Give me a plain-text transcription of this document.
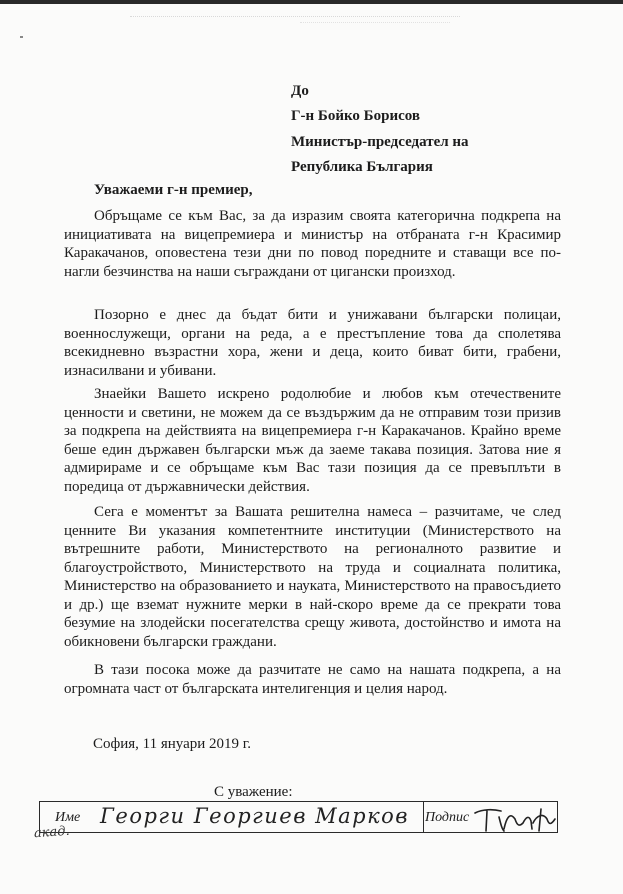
До
Г-н Бойко Борисов
Министър-председател на
Република България
Уважаеми г-н премиер,
Обръщаме се към Вас, за да изразим своята категорична подкрепа на инициативата на вицепремиера и министър на отбраната г-н Красимир Каракачанов, оповестена тези дни по повод поредните и ставащи все по-нагли безчинства на наши съграждани от цигански произход.
Позорно е днес да бъдат бити и унижавани български полицаи, военнослужещи, органи на реда, а е престъпление това да сполетява всекидневно възрастни хора, жени и деца, които биват бити, грабени, изнасилвани и убивани.
Знаейки Вашето искрено родолюбие и любов към отечествените ценности и светини, не можем да се въздържим да не отправим този призив за подкрепа на действията на вицепремиера г-н Каракачанов. Крайно време беше един държавен български мъж да заеме такава позиция. Затова ние я адмирираме и се обръщаме към Вас тази позиция да се превъплъти в поредица от държавнически действия.
Сега е моментът за Вашата решителна намеса – разчитаме, че след ценните Ви указания компетентните институции (Министерството на вътрешните работи, Министерството на регионалното развитие и благоустройството, Министерството на труда и социалната политика, Министерство на образованието и науката, Министерството на правосъдието и др.) ще вземат нужните мерки в най-скоро време да се прекрати това безумие на злодейски посегателства срещу живота, достойнство и имота на обикновени български граждани.
В тази посока може да разчитате не само на нашата подкрепа, а на огромната част от българската интелигенция и целия народ.
София, 11 януари 2019 г.
С уважение:
Име Георги Георгиев Марков
акад.
Подпис
